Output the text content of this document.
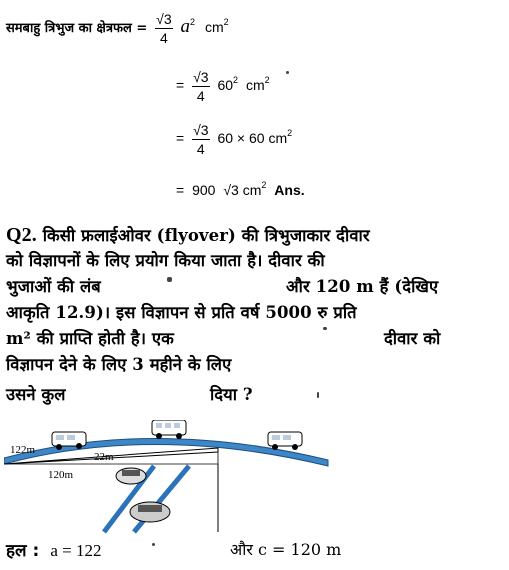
समबाहु त्रिभुज का क्षेत्रफल = $\frac{√3}{4} a^2$ $cm^2$
= $\frac{√3}{4} 60^2$ $cm^2$
= $\frac{√3}{4} 60 \times 60$ $cm^2$
= 900 √3 $cm^2$ Ans.
Q2. किसी फ्रलाईओवर (flyover) की त्रिभुजाकार दीवार
को विज्ञापनों के लिए प्रयोग किया जाता है। दीवार की
भुजाओं की लंब	और 120 m हैं (देखिए
आकृति 12.9)। इस विज्ञापन से प्रति वर्ष 5000 रु प्रति
m² की प्राप्ति होती है। एक	दीवार को
विज्ञापन देने के लिए 3 महीने के लिए
उसने कुल	दिया ?
122m
22m
120m
हल : a = 122	और c = 120 m
